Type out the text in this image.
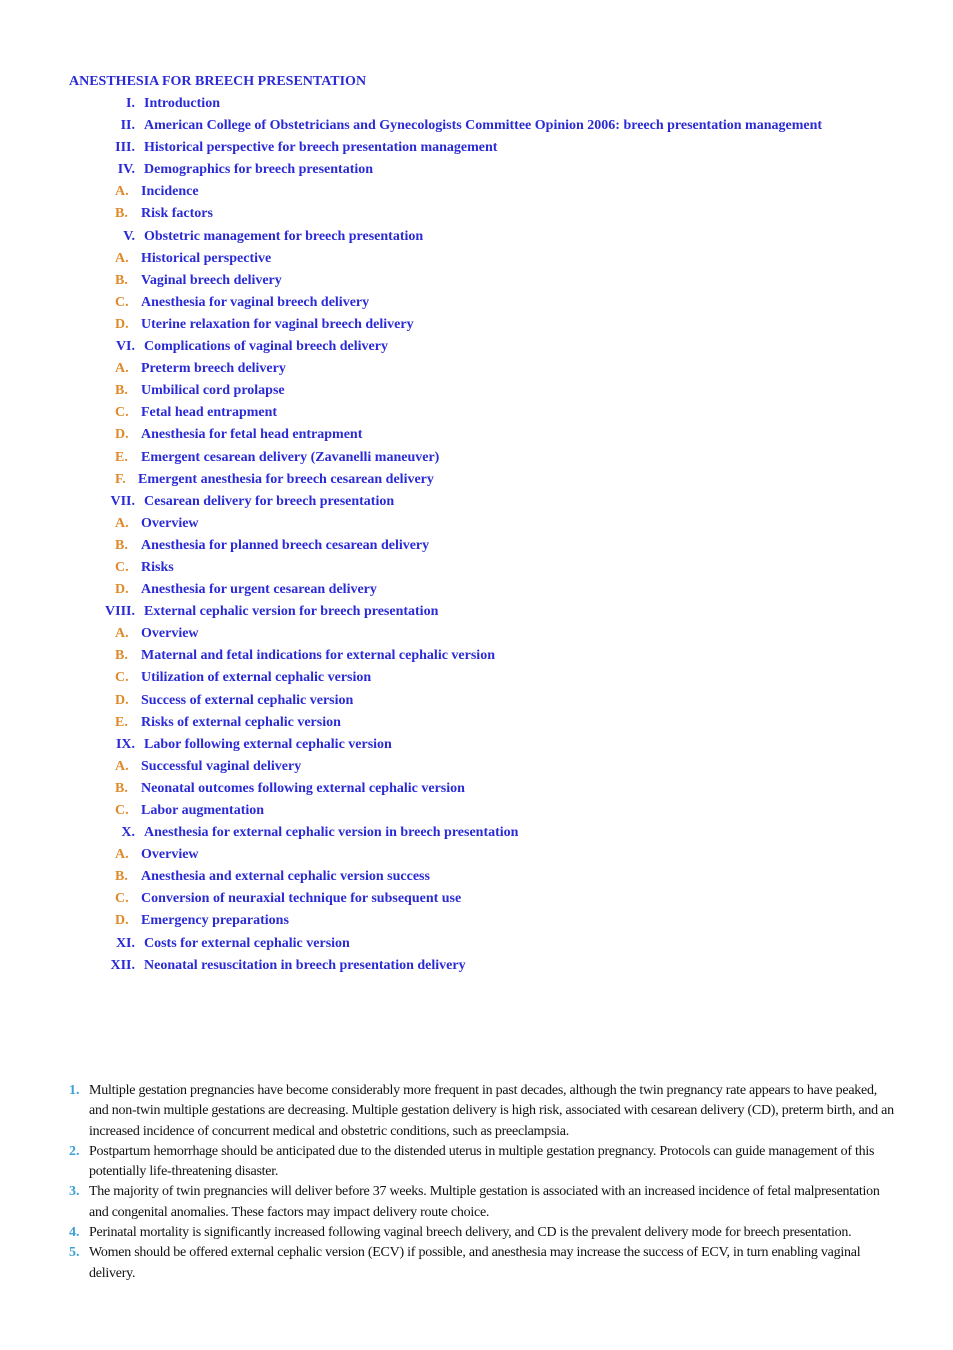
ANESTHESIA FOR BREECH PRESENTATION
I. Introduction
II. American College of Obstetricians and Gynecologists Committee Opinion 2006: breech presentation management
III. Historical perspective for breech presentation management
IV. Demographics for breech presentation
A. Incidence
B. Risk factors
V. Obstetric management for breech presentation
A. Historical perspective
B. Vaginal breech delivery
C. Anesthesia for vaginal breech delivery
D. Uterine relaxation for vaginal breech delivery
VI. Complications of vaginal breech delivery
A. Preterm breech delivery
B. Umbilical cord prolapse
C. Fetal head entrapment
D. Anesthesia for fetal head entrapment
E. Emergent cesarean delivery (Zavanelli maneuver)
F. Emergent anesthesia for breech cesarean delivery
VII. Cesarean delivery for breech presentation
A. Overview
B. Anesthesia for planned breech cesarean delivery
C. Risks
D. Anesthesia for urgent cesarean delivery
VIII. External cephalic version for breech presentation
A. Overview
B. Maternal and fetal indications for external cephalic version
C. Utilization of external cephalic version
D. Success of external cephalic version
E. Risks of external cephalic version
IX. Labor following external cephalic version
A. Successful vaginal delivery
B. Neonatal outcomes following external cephalic version
C. Labor augmentation
X. Anesthesia for external cephalic version in breech presentation
A. Overview
B. Anesthesia and external cephalic version success
C. Conversion of neuraxial technique for subsequent use
D. Emergency preparations
XI. Costs for external cephalic version
XII. Neonatal resuscitation in breech presentation delivery
1. Multiple gestation pregnancies have become considerably more frequent in past decades, although the twin pregnancy rate appears to have peaked, and non-twin multiple gestations are decreasing. Multiple gestation delivery is high risk, associated with cesarean delivery (CD), preterm birth, and an increased incidence of concurrent medical and obstetric conditions, such as preeclampsia.
2. Postpartum hemorrhage should be anticipated due to the distended uterus in multiple gestation pregnancy. Protocols can guide management of this potentially life-threatening disaster.
3. The majority of twin pregnancies will deliver before 37 weeks. Multiple gestation is associated with an increased incidence of fetal malpresentation and congenital anomalies. These factors may impact delivery route choice.
4. Perinatal mortality is significantly increased following vaginal breech delivery, and CD is the prevalent delivery mode for breech presentation.
5. Women should be offered external cephalic version (ECV) if possible, and anesthesia may increase the success of ECV, in turn enabling vaginal delivery.
